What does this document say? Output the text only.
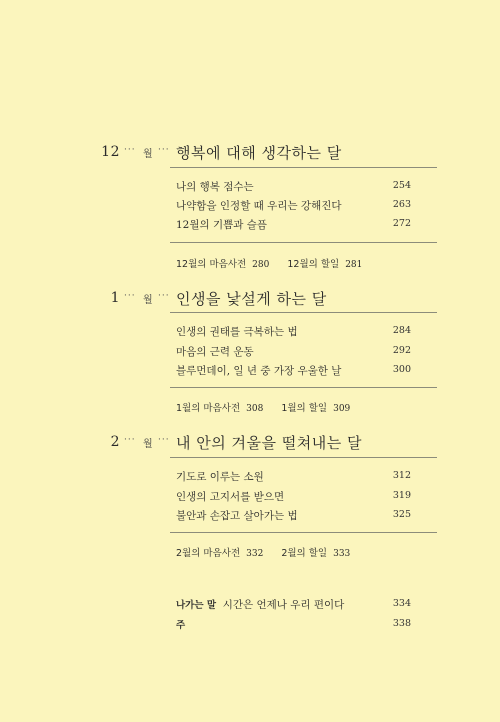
12 ··· 월 ··· 행복에 대해 생각하는 달
나의 행복 점수는	254
나약함을 인정할 때 우리는 강해진다	263
12월의 기쁨과 슬픔	272
12월의 마음사전 280 12월의 할일 281
1 ··· 월 ··· 인생을 낯설게 하는 달
인생의 권태를 극복하는 법	284
마음의 근력 운동	292
블루먼데이, 일 년 중 가장 우울한 날	300
1월의 마음사전 308 1월의 할일 309
2 ··· 월 ··· 내 안의 겨울을 떨쳐내는 달
기도로 이루는 소원	312
인생의 고지서를 받으면	319
불안과 손잡고 살아가는 법	325
2월의 마음사전 332 2월의 할일 333
나가는 말 시간은 언제나 우리 편이다	334
주	338
